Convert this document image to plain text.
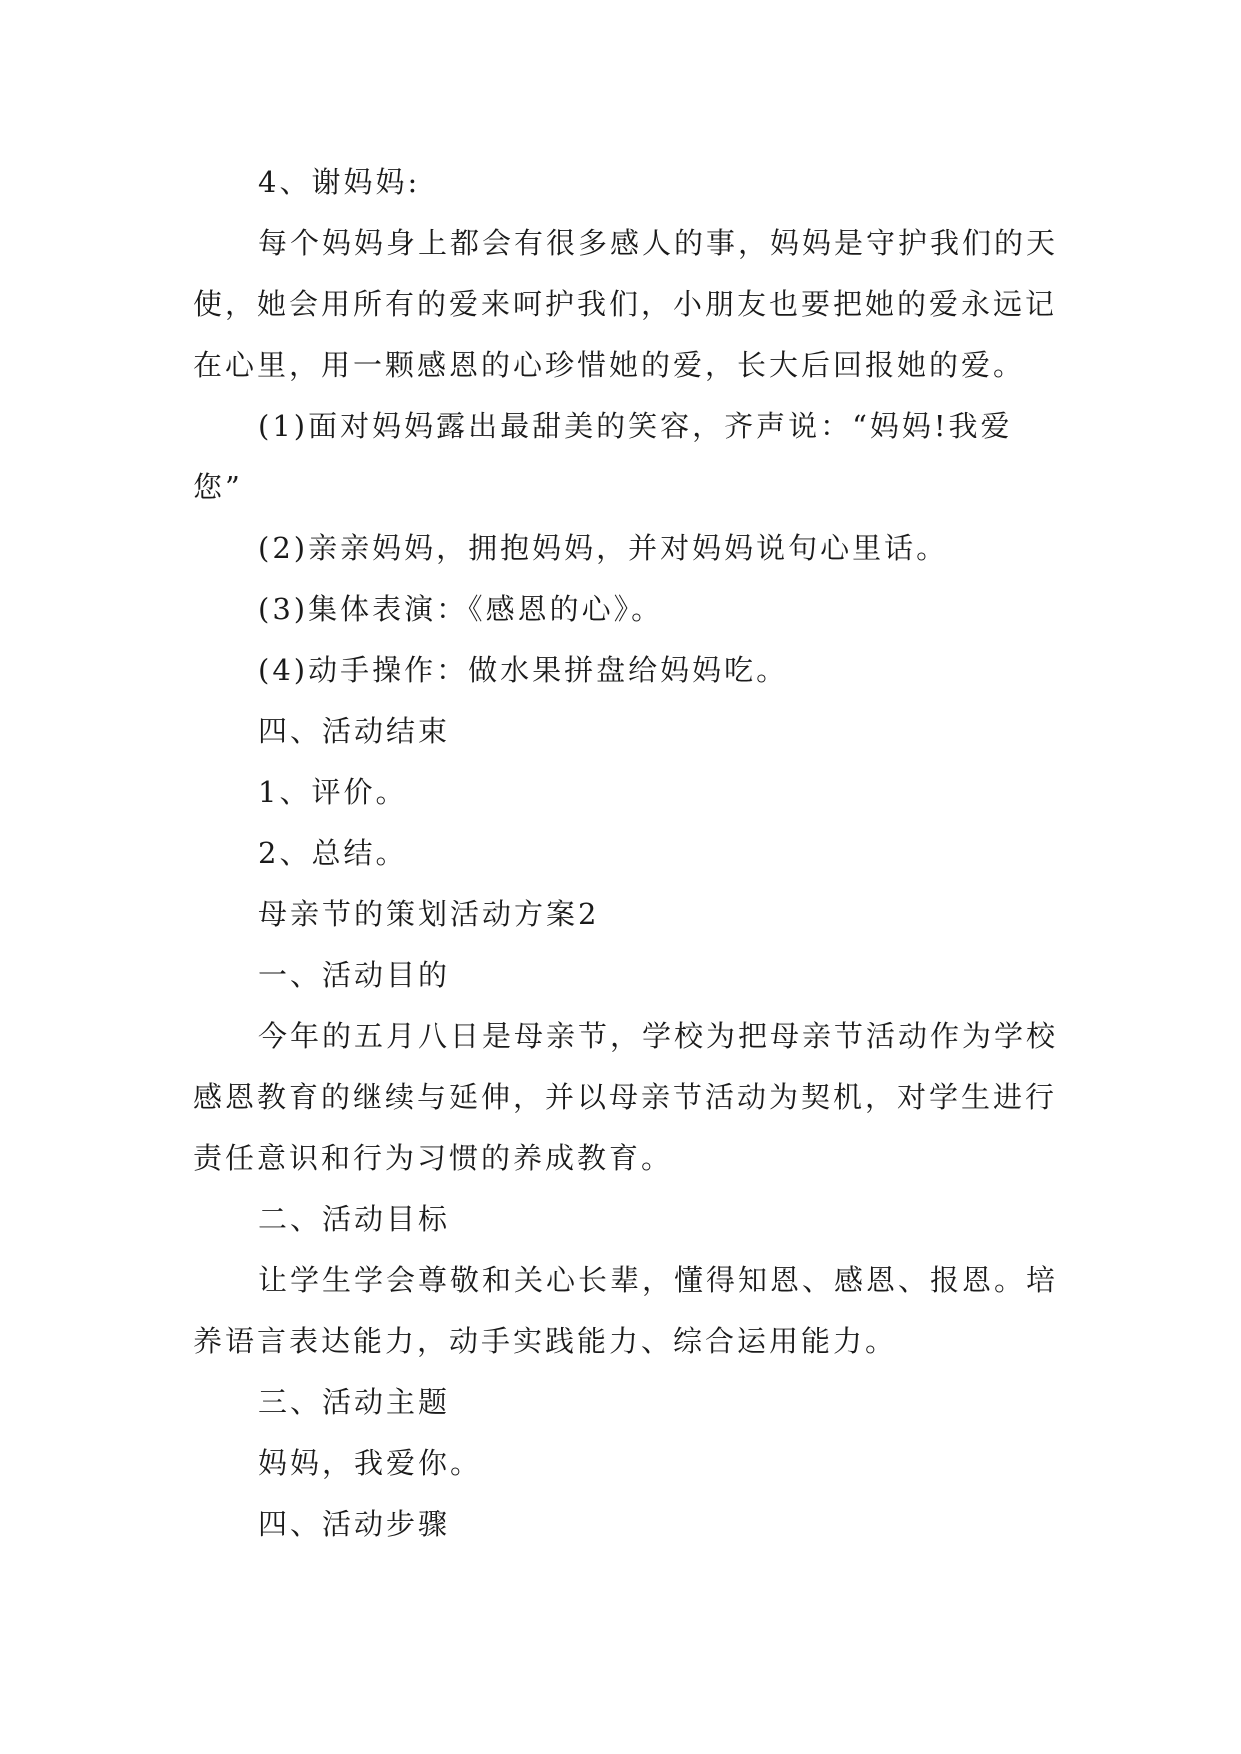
4、谢妈妈:

每个妈妈身上都会有很多感人的事，妈妈是守护我们的天使，她会用所有的爱来呵护我们，小朋友也要把她的爱永远记在心里，用一颗感恩的心珍惜她的爱，长大后回报她的爱。

(1)面对妈妈露出最甜美的笑容，齐声说：“妈妈!我爱您”

(2)亲亲妈妈，拥抱妈妈，并对妈妈说句心里话。

(3)集体表演：《感恩的心》。

(4)动手操作：做水果拼盘给妈妈吃。

四、活动结束

1、评价。

2、总结。

母亲节的策划活动方案2

一、活动目的

今年的五月八日是母亲节，学校为把母亲节活动作为学校感恩教育的继续与延伸，并以母亲节活动为契机，对学生进行责任意识和行为习惯的养成教育。

二、活动目标

让学生学会尊敬和关心长辈，懂得知恩、感恩、报恩。培养语言表达能力，动手实践能力、综合运用能力。

三、活动主题

妈妈，我爱你。

四、活动步骤
